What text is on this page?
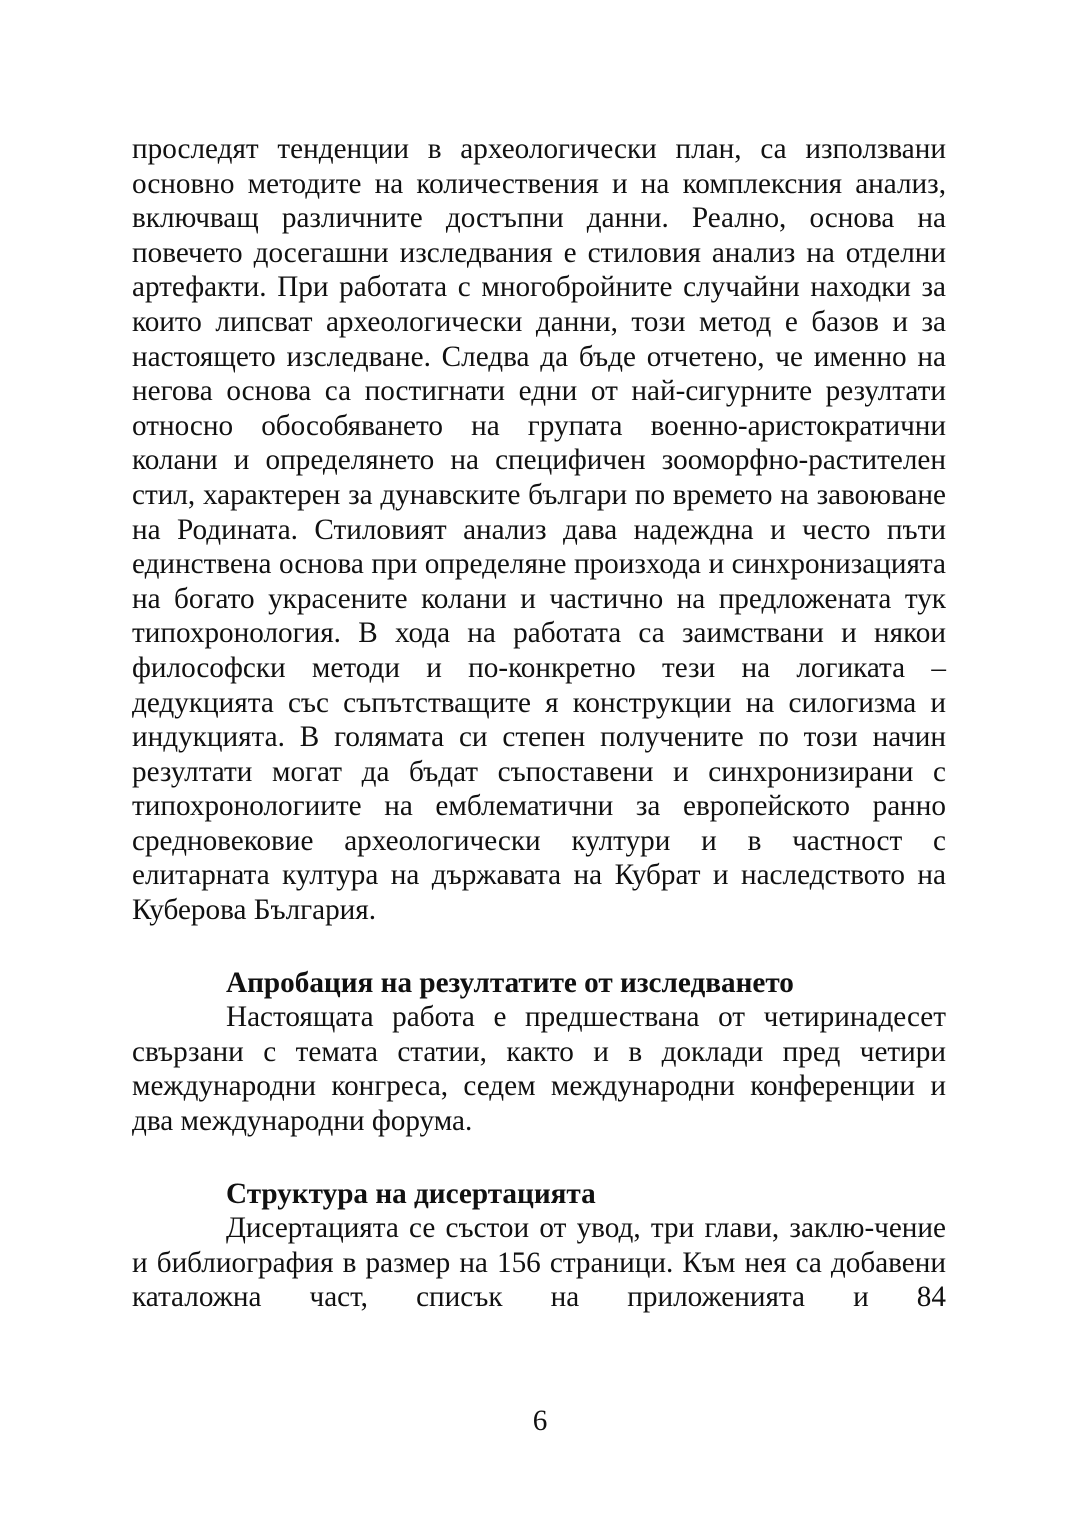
проследят тенденции в археологически план, са използвани основно методите на количествения и на комплексния анализ, включващ различните достъпни данни. Реално, основа на повечето досегашни изследвания е стиловия анализ на отделни артефакти. При работата с многобройните случайни находки за които липсват археологически данни, този метод е базов и за настоящето изследване. Следва да бъде отчетено, че именно на негова основа са постигнати едни от най-сигурните резултати относно обособяването на групата военно-аристократични колани и определянето на специфичен зооморфно-растителен стил, характерен за дунавските българи по времето на завоюване на Родината. Стиловият анализ дава надеждна и често пъти единствена основа при определяне произхода и синхронизацията на богато украсените колани и частично на предложената тук типохронология. В хода на работата са заимствани и някои философски методи и по-конкретно тези на логиката – дедукцията със съпътстващите я конструкции на силогизма и индукцията. В голямата си степен получените по този начин резултати могат да бъдат съпоставени и синхронизирани с типохронологиите на емблематични за европейското ранно средновековие археологически култури и в частност с елитарната култура на държавата на Кубрат и наследството на Куберова България.

Апробация на резултатите от изследването

Настоящата работа е предшествана от четиринадесет свързани с темата статии, както и в доклади пред четири международни конгреса, седем международни конференции и два международни форума.

Структура на дисертацията

Дисертацията се състои от увод, три глави, заклю-чение и библиография в размер на 156 страници. Към нея са добавени каталожна част, списък на приложенията и 84

6
